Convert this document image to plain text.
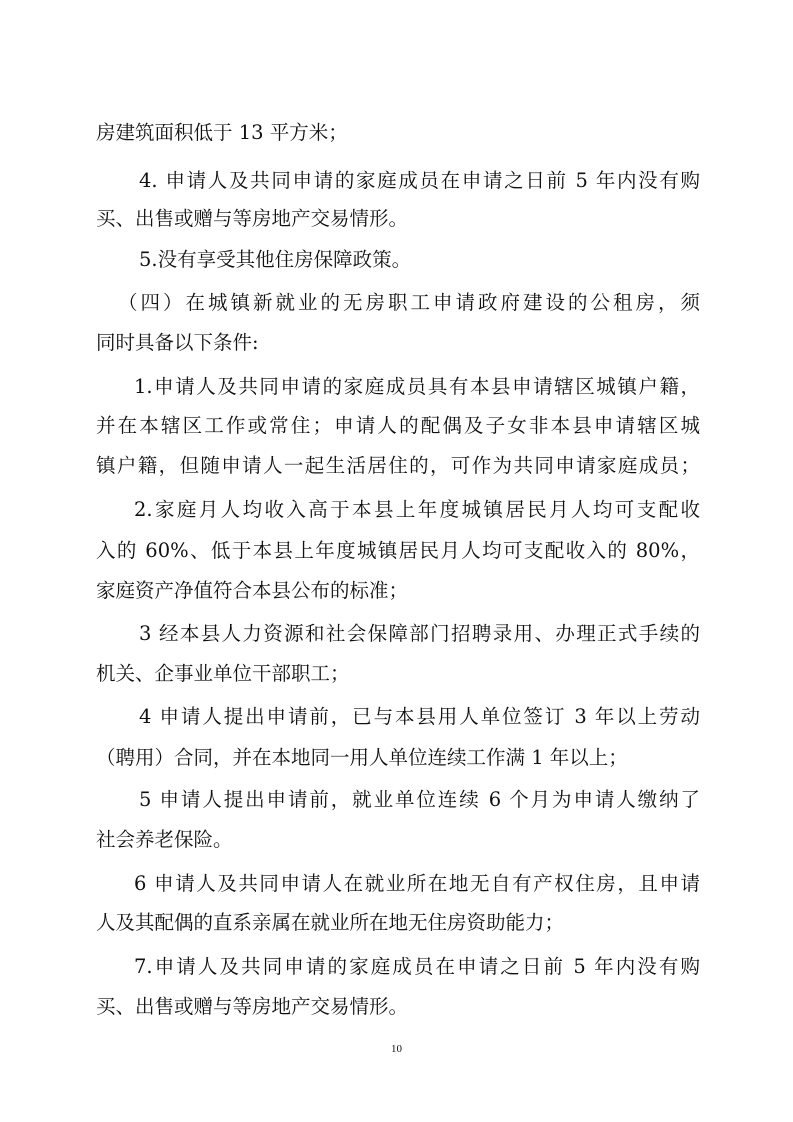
房建筑面积低于 13 平方米；
4. 申请人及共同申请的家庭成员在申请之日前 5 年内没有购
买、出售或赠与等房地产交易情形。
5.没有享受其他住房保障政策。
（四）在城镇新就业的无房职工申请政府建设的公租房，须
同时具备以下条件:
1.申请人及共同申请的家庭成员具有本县申请辖区城镇户籍，
并在本辖区工作或常住；申请人的配偶及子女非本县申请辖区城
镇户籍，但随申请人一起生活居住的，可作为共同申请家庭成员；
2.家庭月人均收入高于本县上年度城镇居民月人均可支配收
入的 60%、低于本县上年度城镇居民月人均可支配收入的 80%，
家庭资产净值符合本县公布的标准；
3 经本县人力资源和社会保障部门招聘录用、办理正式手续的
机关、企事业单位干部职工；
4 申请人提出申请前，已与本县用人单位签订 3 年以上劳动
（聘用）合同，并在本地同一用人单位连续工作满 1 年以上；
5 申请人提出申请前，就业单位连续 6 个月为申请人缴纳了
社会养老保险。
6 申请人及共同申请人在就业所在地无自有产权住房，且申请
人及其配偶的直系亲属在就业所在地无住房资助能力；
7.申请人及共同申请的家庭成员在申请之日前 5 年内没有购
买、出售或赠与等房地产交易情形。
10
